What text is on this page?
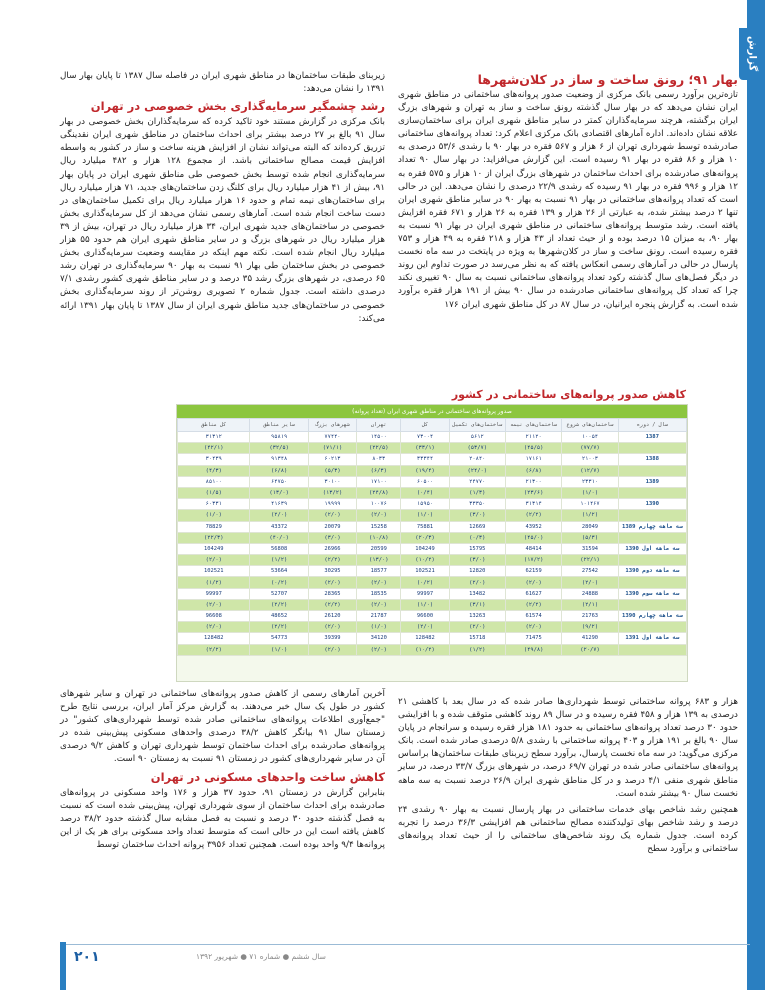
گزارش
بهار ۹۱؛ رونق ساخت و ساز در کلان‌شهرها

تازه‌ترین برآورد رسمی بانک مرکزی از وضعیت صدور پروانه‌های ساختمانی در مناطق شهری ایران نشان می‌دهد که در بهار سال گذشته رونق ساخت و ساز به تهران و شهرهای بزرگ ایران برگشته، هرچند سرمایه‌گذاران کمتر در سایر مناطق شهری ایران برای ساختمان‌سازی علاقه نشان داده‌اند. اداره آمارهای اقتصادی بانک مرکزی اعلام کرد: تعداد پروانه‌های ساختمانی صادرشده توسط شهرداری تهران از ۶ هزار و ۵۶۷ فقره در بهار ۹۰ با رشدی ۵۳/۶ درصدی به ۱۰ هزار و ۸۶ فقره در بهار ۹۱ رسیده است. این گزارش می‌افزاید: در بهار سال ۹۰ تعداد پروانه‌های صادرشده برای احداث ساختمان در شهرهای بزرگ ایران از ۱۰ هزار و ۵۷۵ فقره به ۱۲ هزار و ۹۹۶ فقره در بهار ۹۱ رسیده که رشدی ۲۲/۹ درصدی را نشان می‌دهد. این در حالی است که تعداد پروانه‌های ساختمانی در بهار ۹۱ نسبت به بهار ۹۰ در سایر مناطق شهری ایران تنها ۲ درصد بیشتر شده، به عبارتی از ۲۶ هزار و ۱۳۹ فقره به ۲۶ هزار و ۶۷۱ فقره افزایش یافته است. رشد متوسط پروانه‌های ساختمانی در مناطق شهری ایران در بهار ۹۱ نسبت به بهار ۹۰، به میزان ۱۵ درصد بوده و از حیث تعداد از ۴۳ هزار و ۲۱۸ فقره به ۴۹ هزار و ۷۵۳ فقره رسیده است. رونق ساخت و ساز در کلان‌شهرها به ویژه در پایتخت در سه ماه نخست پارسال در حالی در آمارهای رسمی انعکاس یافته که به نظر می‌رسد در صورت تداوم این روند در دیگر فصل‌های سال گذشته رکود تعداد پروانه‌های ساختمانی نسبت به سال ۹۰ تغییری نکند چرا که تعداد کل پروانه‌های ساختمانی صادرشده در سال ۹۰ بیش از ۱۹۱ هزار فقره برآورد شده است. به گزارش پنجره ایرانیان، در سال ۸۷ در کل مناطق شهری ایران ۱۷۶

زیربنای طبقات ساختمان‌ها در مناطق شهری ایران در فاصله سال ۱۳۸۷ تا پایان بهار سال ۱۳۹۱ را نشان می‌دهد:

رشد چشمگیر سرمایه‌گذاری بخش خصوصی در تهران

بانک مرکزی در گزارش مستند خود تاکید کرده که سرمایه‌گذاران بخش خصوصی در بهار سال ۹۱ بالغ بر ۲۷ درصد بیشتر برای احداث ساختمان در مناطق شهری ایران نقدینگی تزریق کرده‌اند که البته می‌تواند نشان از افزایش هزینه ساخت و ساز در کشور به واسطه افزایش قیمت مصالح ساختمانی باشد. از مجموع ۱۲۸ هزار و ۴۸۲ میلیارد ریال سرمایه‌گذاری انجام شده توسط بخش خصوصی طی مناطق شهری ایران در پایان بهار ۹۱، بیش از ۴۱ هزار میلیارد ریال برای کلنگ زدن ساختمان‌های جدید، ۷۱ هزار میلیارد ریال برای ساختمان‌های نیمه تمام و حدود ۱۶ هزار میلیارد ریال برای تکمیل ساختمان‌های در دست ساخت انجام شده است. آمارهای رسمی نشان می‌دهد از کل سرمایه‌گذاری بخش خصوصی در ساختمان‌های جدید شهری ایران، ۳۴ هزار میلیارد ریال در تهران، بیش از ۳۹ هزار میلیارد ریال در شهرهای بزرگ و در سایر مناطق شهری ایران هم حدود ۵۵ هزار میلیارد ریال انجام شده است. نکته مهم اینکه در مقایسه وضعیت سرمایه‌گذاری بخش خصوصی در بخش ساختمان طی بهار ۹۱ نسبت به بهار ۹۰ سرمایه‌گذاری در تهران رشد ۶۵ درصدی، در شهرهای بزرگ رشد ۳۵ درصد و در سایر مناطق شهری کشور رشدی ۷/۱ درصدی داشته است. جدول شماره ۲ تصویری روشن‌تر از روند سرمایه‌گذاری بخش خصوصی در ساختمان‌های جدید مناطق شهری ایران از سال ۱۳۸۷ تا پایان بهار ۱۳۹۱ ارائه می‌کند:

کاهش صدور پروانه‌های ساختمانی در کشور
صدور پروانه‌های ساختمانی در مناطق شهری ایران (تعداد پروانه)
سال / دوره	ساختمان‌های شروع	ساختمان‌های نیمه	ساختمان‌های تکمیل	کل	تهران	شهرهای بزرگ	سایر مناطق	کل مناطق
1387	۱۰۰۵۴	۲۱۱۲۰	۵۶۱۲	۷۳۰۰۴	۱۴۵۰۰	۷۷۴۴۰	۹۵۸۱۹	۳۱۳۱۲
	(۷۷/۷)	(۴۵/۵)	(۵۳/۷)	(۳۳/۱)	(۲۲/۵)	(۷۱/۱)	(۳۲/۵)	(۴۲/۱)
1388	۲۱۰۰۳	۱۷۱۶۱	۲۰۸۴۰	۳۳۳۴۴	۸۰۳۳	۶۰۲۱۳	۹۱۳۴۸	۳۰۴۳۹
	(۱۲/۷)	(۶/۸)	(۲۴/۰)	(۱۹/۴)	(۶/۳)	(۵/۳)	(۶/۸)	(۴/۳)
1389	۲۳۳۱۰	۲۱۳۰۰	۲۴۷۷۰	۶۰۵۰۰	۱۷۱۰۰	۳۰۱۰۰	۶۴۷۵۰	۸۵۱۰۰
	(۱/۰)	(۲۳/۶)	(۱/۳)	(۰/۴)	(۲۴/۸)	(۱۳/۲)	(۱۳/۰)	(۱/۵)
1390	۱۰۱۴۶۷	۳۱۳۱۴	۳۳۳۵۰	۱۵۹۵۰	۱۰۰۷۶	۱۹۹۹۹	۴۱۶۳۹	۶۰۳۳۱
	(۱/۲)	(۲/۲)	(۳/۰)	(۱/۰)	(۲/۰)	(۲/۰)	(۲/۰)	(۱/۰)
سه ماهه چهارم 1389	28049	43952	12669	75881	15258	20079	43372	78829
	(۵/۳)	(۴۵/۰)	(۰/۳)	(۲۰/۳)	(۱۰/۸)	(۳/۰)	(۴۰/۰)	(۲۲/۳)
سه ماهه اول 1390	31594	48414	15795	104249	20599	26966	56808	104249
	(۲۲/۱)	(۱۷/۲)	(۳/۰)	(۱۰/۲)	(۱۳/۰)	(۲/۲)	(۱/۲)	(۲/۰)
سه ماهه دوم 1390	27542	62159	12820	102521	18577	30295	53664	102521
	(۲/۰)	(۲/۰)	(۲/۰)	(۰/۲)	(۲/۰)	(۲/۰)	(۰/۲)	(۱/۲)
سه ماهه سوم 1390	24888	61627	13482	99997	18535	28365	52707	99997
	(۲/۱)	(۲/۲)	(۳/۱)	(۱/۰)	(۲/۰)	(۲/۲)	(۲/۲)	(۲/۰)
سه ماهه چهارم 1390	21763	61574	13263	96600	21787	26120	48652	96608
	(۹/۲)	(۲/۰)	(۲/۰)	(۲/۰)	(۱/۰)	(۲/۰)	(۲/۲)	(۲/۰)
سه ماهه اول 1391	41290	71475	15718	128482	34120	39399	54773	128482
	(۲۰/۷)	(۴۹/۸)	(۱/۲)	(۱۰/۲)	(۲/۰)	(۲/۰)	(۱/۰)	(۲/۲)

هزار و ۶۸۳ پروانه ساختمانی توسط شهرداری‌ها صادر شده که در سال بعد با کاهشی ۲۱ درصدی به ۱۳۹ هزار و ۴۵۸ فقره رسیده و در سال ۸۹ روند کاهشی متوقف شده و با افزایشی حدود ۳۰ درصد تعداد پروانه‌های ساختمانی به حدود ۱۸۱ هزار فقره رسیده و سرانجام در پایان سال ۹۰ بالغ بر ۱۹۱ هزار و ۴۰۳ پروانه ساختمانی با رشدی ۵/۸ درصدی صادر شده است. بانک مرکزی می‌گوید: در سه ماه نخست پارسال، برآورد سطح زیربنای طبقات ساختمان‌ها براساس پروانه‌های ساختمانی صادر شده در تهران ۶۹/۷ درصد، در شهرهای بزرگ ۳۳/۷ درصد، در سایر مناطق شهری منفی ۴/۱ درصد و در کل مناطق شهری ایران ۲۶/۹ درصد نسبت به سه ماهه نخست سال ۹۰ بیشتر شده است.

همچنین رشد شاخص بهای خدمات ساختمانی در بهار پارسال نسبت به بهار ۹۰ رشدی ۲۴ درصد و رشد شاخص بهای تولیدکننده مصالح ساختمانی هم افزایشی ۳۶/۳ درصد را تجربه کرده است. جدول شماره یک روند شاخص‌های ساختمانی را از حیث تعداد پروانه‌های ساختمانی و برآورد سطح

آخرین آمارهای رسمی از کاهش صدور پروانه‌های ساختمانی در تهران و سایر شهرهای کشور در طول یک سال خبر می‌دهند. به گزارش مرکز آمار ایران، بررسی نتایج طرح "جمع‌آوری اطلاعات پروانه‌های ساختمانی صادر شده توسط شهرداری‌های کشور" در زمستان سال ۹۱ بیانگر کاهش ۳۸/۲ درصدی واحدهای مسکونی پیش‌بینی شده در پروانه‌های صادرشده برای احداث ساختمان توسط شهرداری تهران و کاهش ۹/۲ درصدی آن در سایر شهرداری‌های کشور در زمستان ۹۱ نسبت به زمستان ۹۰ است.

کاهش ساخت واحدهای مسکونی در تهران

بنابراین گزارش در زمستان ۹۱، حدود ۳۷ هزار و ۱۷۶ واحد مسکونی در پروانه‌های صادرشده برای احداث ساختمان از سوی شهرداری تهران، پیش‌بینی شده است که نسبت به فصل گذشته حدود ۳۰ درصد و نسبت به فصل مشابه سال گذشته حدود ۳۸/۲ درصد کاهش یافته است این در حالی است که متوسط تعداد واحد مسکونی برای هر یک از این پروانه‌ها ۹/۴ واحد بوده است. همچنین تعداد ۳۹۵۶ پروانه احداث ساختمان توسط

۲۰۱	سال ششم ● شماره ۷۱ ● شهریور ۱۳۹۲
